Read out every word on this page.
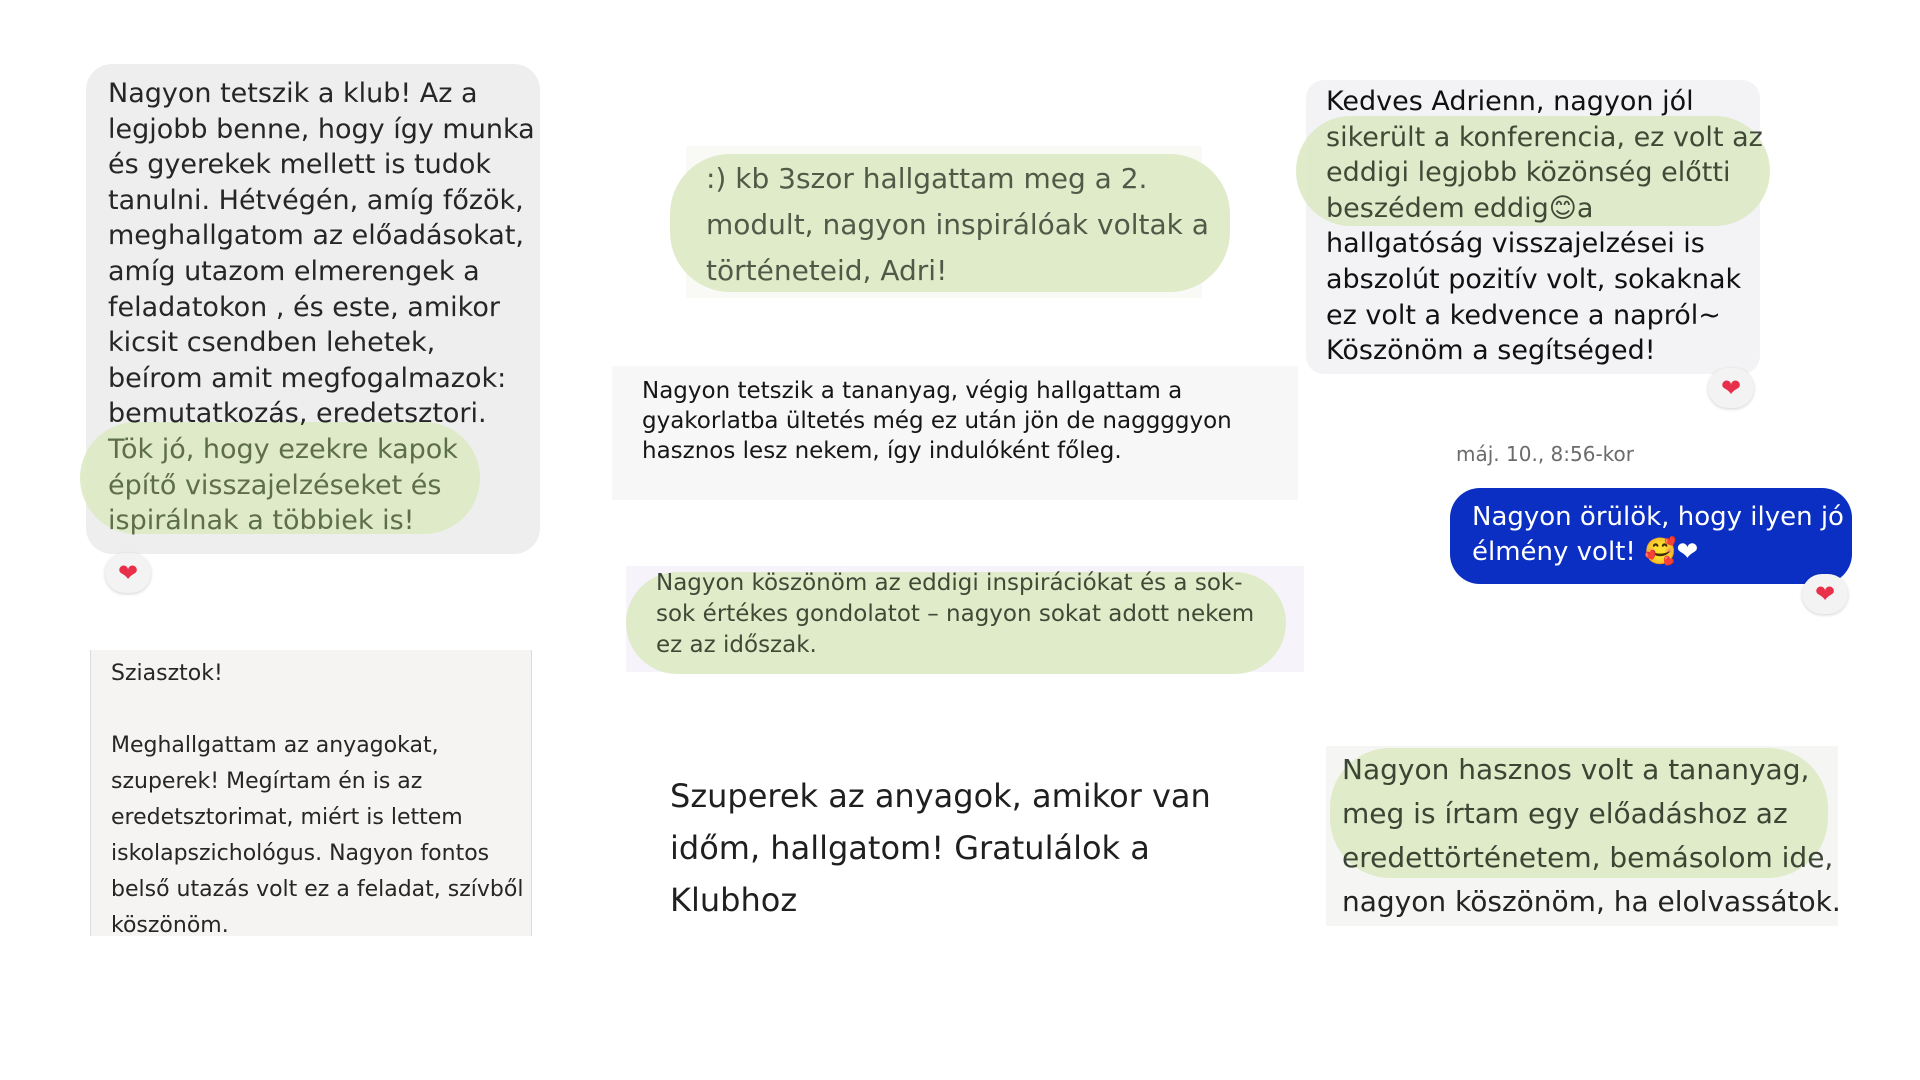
Nagyon tetszik a klub! Az a
legjobb benne, hogy így munka
és gyerekek mellett is tudok
tanulni. Hétvégén, amíg főzök,
meghallgatom az előadásokat,
amíg utazom elmerengek a
feladatokon , és este, amikor
kicsit csendben lehetek,
beírom amit megfogalmazok:
bemutatkozás, eredetsztori.
Tök jó, hogy ezekre kapok
építő visszajelzéseket és
ispirálnak a többiek is!
❤
:) kb 3szor hallgattam meg a 2.
modult, nagyon inspirálóak voltak a
történeteid, Adri!
Nagyon tetszik a tananyag, végig hallgattam a
gyakorlatba ültetés még ez után jön de naggggyon
hasznos lesz nekem, így indulóként főleg.
Nagyon köszönöm az eddigi inspirációkat és a sok-
sok értékes gondolatot – nagyon sokat adott nekem
ez az időszak.
Sziasztok!

Meghallgattam az anyagokat,
szuperek! Megírtam én is az
eredetsztorimat, miért is lettem
iskolapszichológus. Nagyon fontos
belső utazás volt ez a feladat, szívből
köszönöm.
Szuperek az anyagok, amikor van
időm, hallgatom! Gratulálok a
Klubhoz
Kedves Adrienn, nagyon jól
sikerült a konferencia, ez volt az
eddigi legjobb közönség előtti
beszédem eddig😊a
hallgatóság visszajelzései is
abszolút pozitív volt, sokaknak
ez volt a kedvence a napról~
Köszönöm a segítséged!
❤
máj. 10., 8:56-kor
Nagyon örülök, hogy ilyen jó
élmény volt! 🥰❤
❤
Nagyon hasznos volt a tananyag,
meg is írtam egy előadáshoz az
eredettörténetem, bemásolom ide,
nagyon köszönöm, ha elolvassátok.
